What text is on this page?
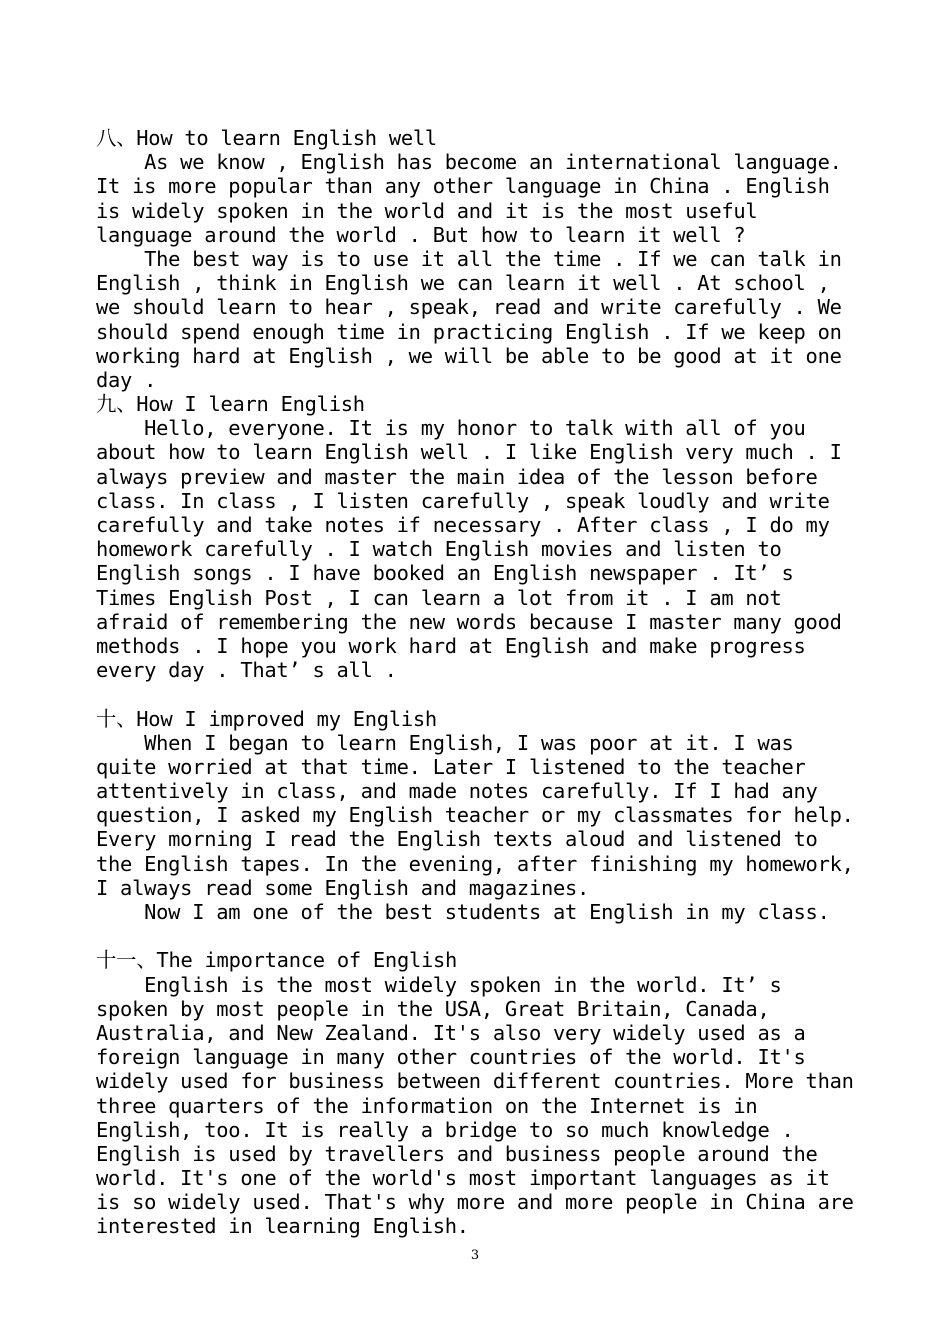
八、How to learn English well
As we know , English has become an international language.
It is more popular than any other language in China . English
is widely spoken in the world and it is the most useful
language around the world . But how to learn it well ?
The best way is to use it all the time . If we can talk in
English , think in English we can learn it well . At school ,
we should learn to hear , speak, read and write carefully . We
should spend enough time in practicing English . If we keep on
working hard at English , we will be able to be good at it one
day .
九、How I learn English
Hello, everyone. It is my honor to talk with all of you
about how to learn English well . I like English very much . I
always preview and master the main idea of the lesson before
class. In class , I listen carefully , speak loudly and write
carefully and take notes if necessary . After class , I do my
homework carefully . I watch English movies and listen to
English songs . I have booked an English newspaper . It’ s
Times English Post , I can learn a lot from it . I am not
afraid of remembering the new words because I master many good
methods . I hope you work hard at English and make progress
every day . That’ s all .
十、How I improved my English
When I began to learn English, I was poor at it. I was
quite worried at that time. Later I listened to the teacher
attentively in class, and made notes carefully. If I had any
question, I asked my English teacher or my classmates for help.
Every morning I read the English texts aloud and listened to
the English tapes. In the evening, after finishing my homework,
I always read some English and magazines.
Now I am one of the best students at English in my class.
十一、The importance of English
English is the most widely spoken in the world. It’ s
spoken by most people in the USA, Great Britain, Canada,
Australia, and New Zealand. It's also very widely used as a
foreign language in many other countries of the world. It's
widely used for business between different countries. More than
three quarters of the information on the Internet is in
English, too. It is really a bridge to so much knowledge .
English is used by travellers and business people around the
world. It's one of the world's most important languages as it
is so widely used. That's why more and more people in China are
interested in learning English.
3
